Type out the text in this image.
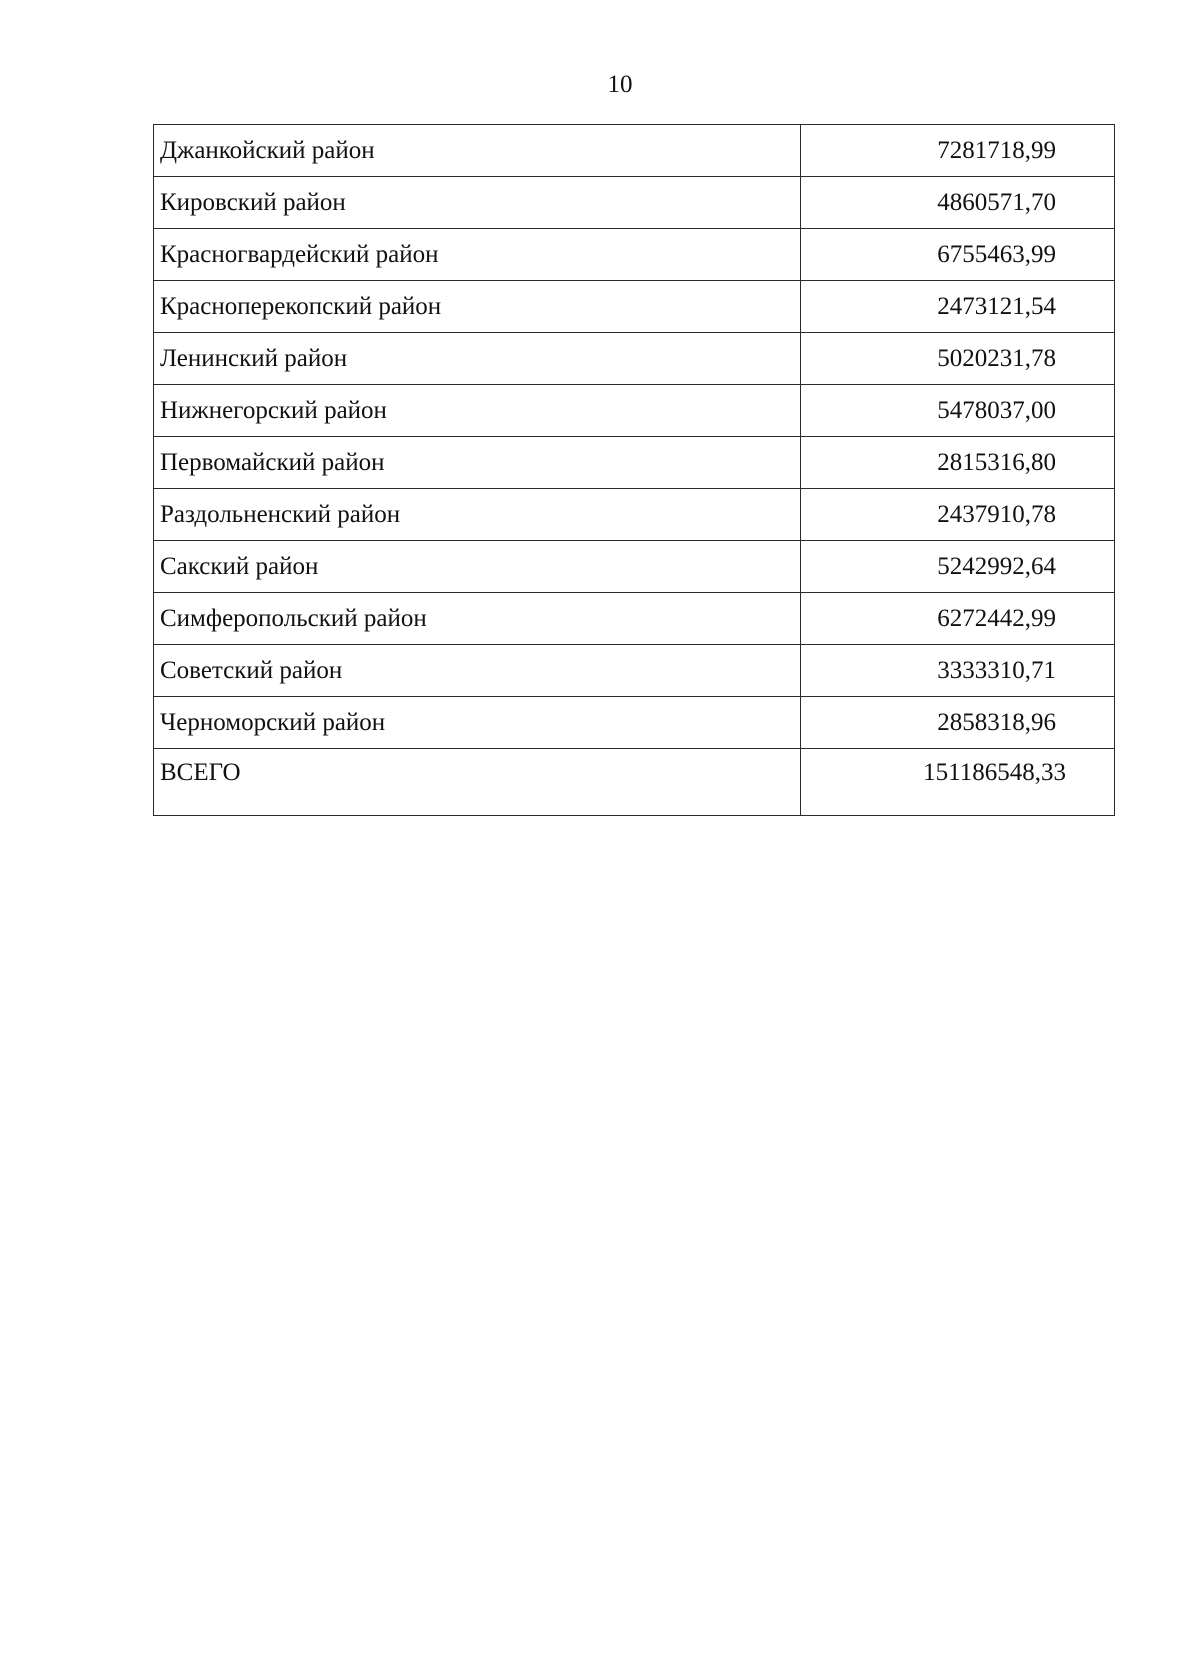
10
Джанкойский район	7281718,99
Кировский район	4860571,70
Красногвардейский район	6755463,99
Красноперекопский район	2473121,54
Ленинский район	5020231,78
Нижнегорский район	5478037,00
Первомайский район	2815316,80
Раздольненский район	2437910,78
Сакский район	5242992,64
Симферопольский район	6272442,99
Советский район	3333310,71
Черноморский район	2858318,96
ВСЕГО	151186548,33
